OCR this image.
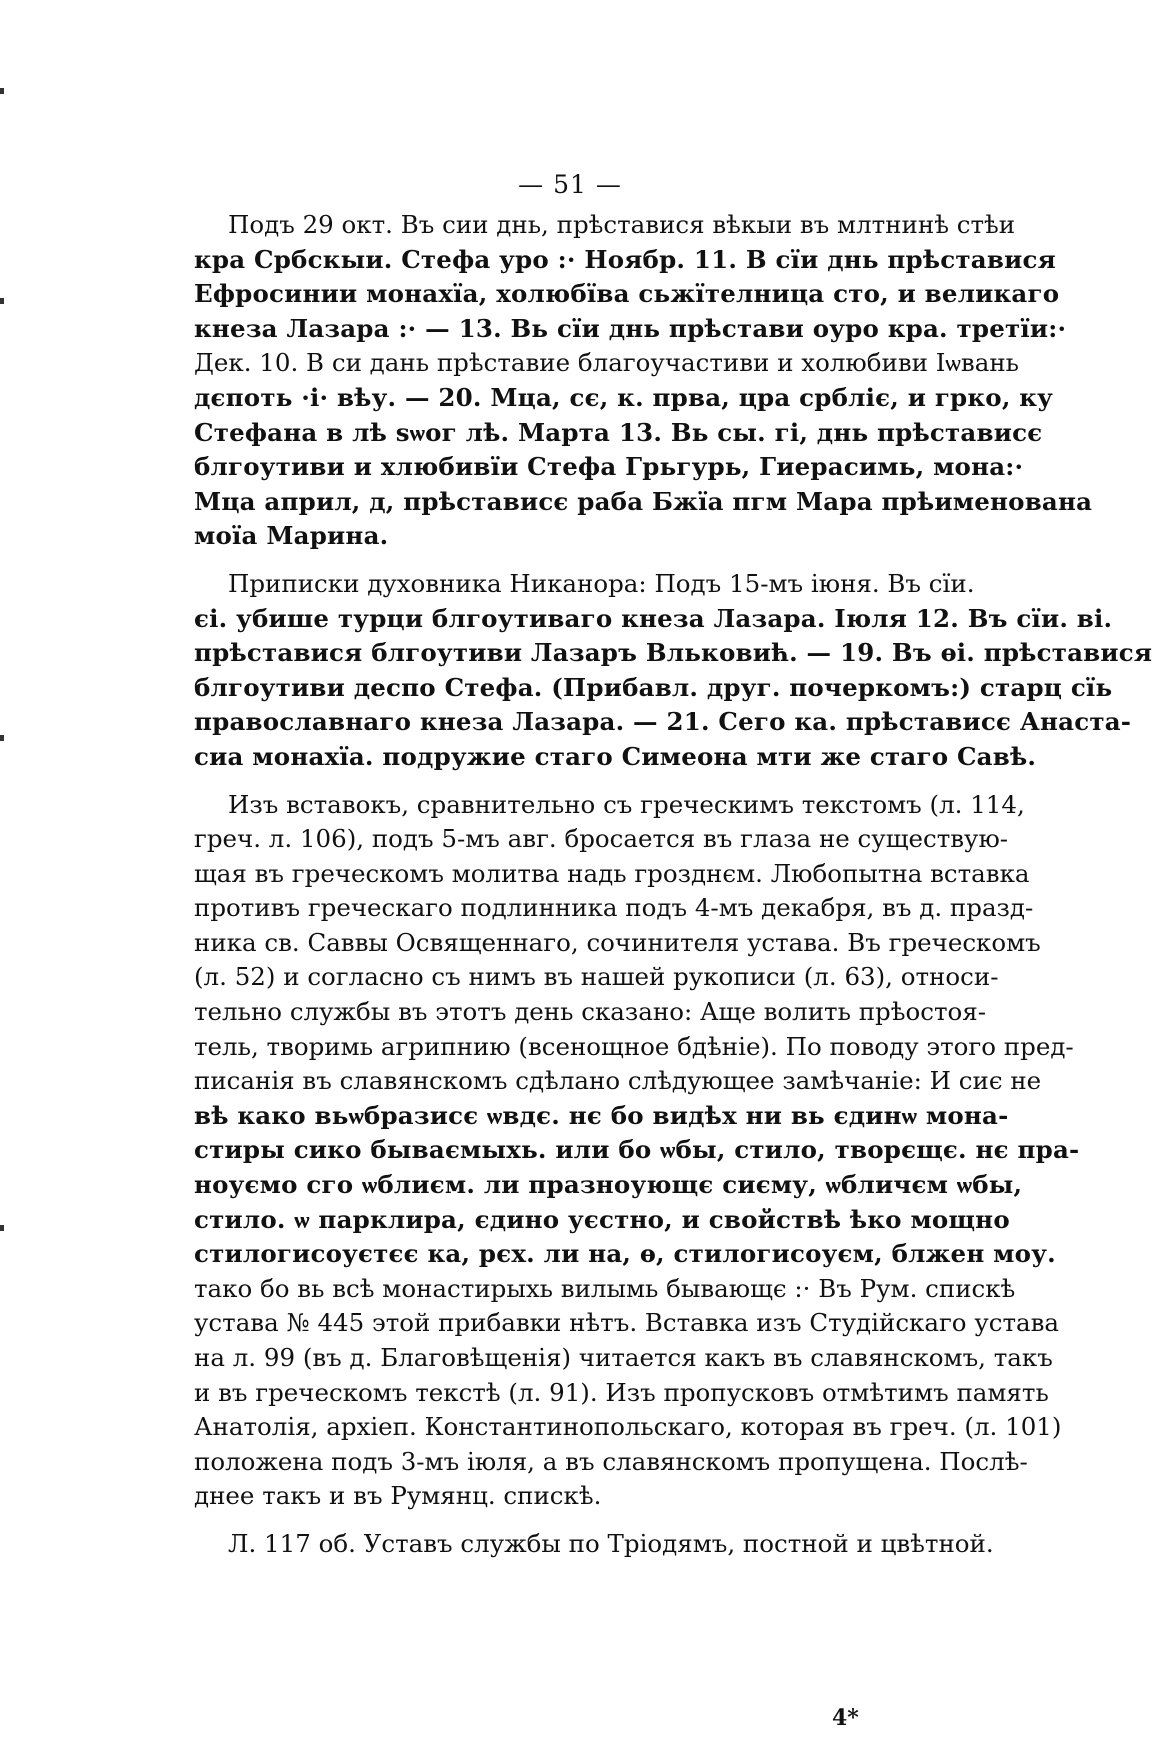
— 51 —

Подъ 29 окт. Въ сии днь, прѣставися вѣкыи въ млтнинѣ стѣи
кра Србскыи. Стефа уро :· Ноябр. 11. В сїи днь прѣставися
Ефросинии монахїа, холюбїва сьжїтелница сто, и великаго
кнеза Лазара :· — 13. Вь сїи днь прѣстави оуро кра. третїи:·
Дек. 10. В си дань прѣставие благоучастиви и холюбиви Іѡвань
дєпоть ·і· вѣу. — 20. Мца, сє, к. прва, цра србліє, и грко, ку
Стефана в лѣ ѕѡог лѣ. Марта 13. Вь сы. гі, днь прѣстависє
блгоутиви и хлюбивїи Стефа Грьгурь, Гиерасимь, мона:·
Мца април, д, прѣстависє раба Бжїа пгм Мара прѣименована
моїа Марина.

Приписки духовника Никанора: Подъ 15-мъ іюня. Въ сїи.
єі. убише турци блгоутиваго кнеза Лазара. Іюля 12. Въ сїи. ві.
прѣставися блгоутиви Лазаръ Вльковић. — 19. Въ ѳі. прѣставися
блгоутиви деспо Стефа. (Прибавл. друг. почеркомъ:) старц сїь
православнаго кнеза Лазара. — 21. Сего ка. прѣстависє Анаста-
сиа монахїа. подружие стаго Симеона мти же стаго Савѣ.

Изъ вставокъ, сравнительно съ греческимъ текстомъ (л. 114,
греч. л. 106), подъ 5-мъ авг. бросается въ глаза не существую-
щая въ греческомъ молитва надь грозднєм. Любопытна вставка
противъ греческаго подлинника подъ 4-мъ декабря, въ д. празд-
ника св. Саввы Освященнаго, сочинителя устава. Въ греческомъ
(л. 52) и согласно съ нимъ въ нашей рукописи (л. 63), относи-
тельно службы въ этотъ день сказано: Аще волить прѣостоя-
тель, творимь агрипнию (всенощное бдѣніе). По поводу этого пред-
писанія въ славянскомъ сдѣлано слѣдующее замѣчаніе: И сиє не
вѣ како вьѡбразисє ѡвдє. нє бо видѣх ни вь єдинѡ мона-
стиры сико бываємыхь. или бо ѡбы, стило, творєщє. нє пра-
ноуємо сго ѡблиєм. ли празноующє сиєму, ѡбличєм ѡбы,
стило. ѡ парклира, єдино уєстно, и свойствѣ ѣко мощно
стилогисоуєтєє ка, рєх. ли на, ѳ, стилогисоуєм, блжен моу.
тако бо вь всѣ монастирыхь вилымь бывающє :· Въ Рум. спискѣ
устава № 445 этой прибавки нѣтъ. Вставка изъ Студійскаго устава
на л. 99 (въ д. Благовѣщенія) читается какъ въ славянскомъ, такъ
и въ греческомъ текстѣ (л. 91). Изъ пропусковъ отмѣтимъ память
Анатолія, архіеп. Константинопольскаго, которая въ греч. (л. 101)
положена подъ 3-мъ іюля, а въ славянскомъ пропущена. Послѣ-
днее такъ и въ Румянц. спискѣ.

Л. 117 об. Уставъ службы по Тріодямъ, постной и цвѣтной.

4*
